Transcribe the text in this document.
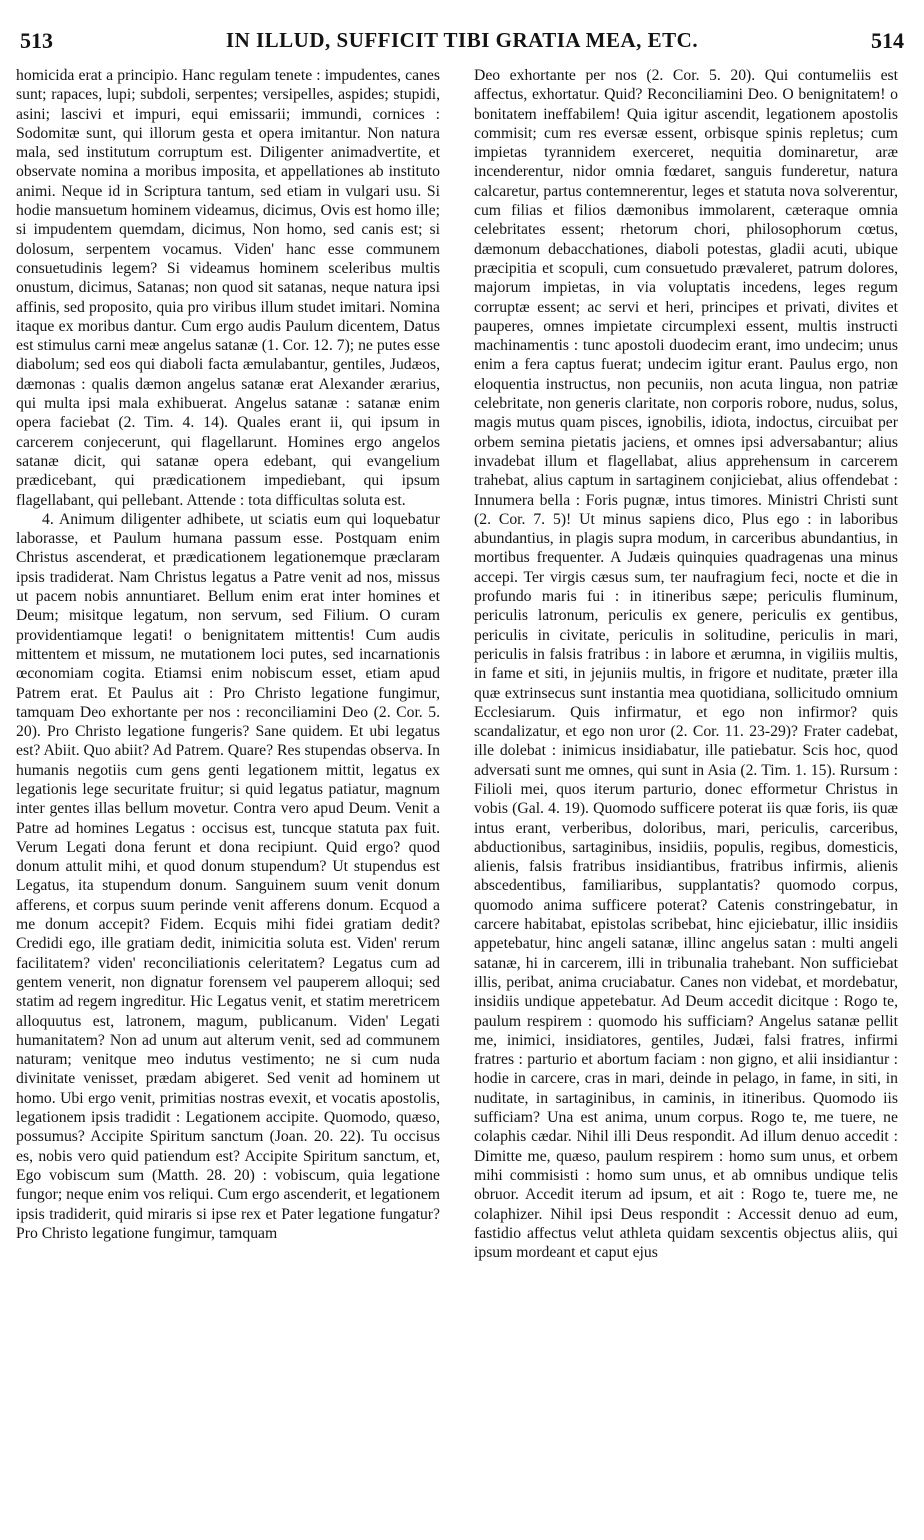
513	IN ILLUD, SUFFICIT TIBI GRATIA MEA, ETC.	514

homicida erat a principio. Hanc regulam tenete : impudentes, canes sunt; rapaces, lupi; subdoli, serpentes; versipelles, aspides; stupidi, asini; lascivi et impuri, equi emissarii; immundi, cornices : Sodomitæ sunt, qui illorum gesta et opera imitantur. Non natura mala, sed institutum corruptum est. Diligenter animadvertite, et observate nomina a moribus imposita, et appellationes ab instituto animi. Neque id in Scriptura tantum, sed etiam in vulgari usu. Si hodie mansuetum hominem videamus, dicimus, Ovis est homo ille; si impudentem quemdam, dicimus, Non homo, sed canis est; si dolosum, serpentem vocamus. Viden' hanc esse communem consuetudinis legem? Si videamus hominem sceleribus multis onustum, dicimus, Satanas; non quod sit satanas, neque natura ipsi affinis, sed proposito, quia pro viribus illum studet imitari. Nomina itaque ex moribus dantur. Cum ergo audis Paulum dicentem, Datus est stimulus carni meæ angelus satanæ (1. Cor. 12. 7); ne putes esse diabolum; sed eos qui diaboli facta æmulabantur, gentiles, Judæos, dæmonas : qualis dæmon angelus satanæ erat Alexander ærarius, qui multa ipsi mala exhibuerat. Angelus satanæ : satanæ enim opera faciebat (2. Tim. 4. 14). Quales erant ii, qui ipsum in carcerem conjecerunt, qui flagellarunt. Homines ergo angelos satanæ dicit, qui satanæ opera edebant, qui evangelium prædicebant, qui prædicationem impediebant, qui ipsum flagellabant, qui pellebant. Attende : tota difficultas soluta est.

4. Animum diligenter adhibete, ut sciatis eum qui loquebatur laborasse, et Paulum humana passum esse. Postquam enim Christus ascenderat, et prædicationem legationemque præclaram ipsis tradiderat. Nam Christus legatus a Patre venit ad nos, missus ut pacem nobis annuntiaret. Bellum enim erat inter homines et Deum; misitque legatum, non servum, sed Filium. O curam providentiamque legati! o benignitatem mittentis! Cum audis mittentem et missum, ne mutationem loci putes, sed incarnationis œconomiam cogita. Etiamsi enim nobiscum esset, etiam apud Patrem erat. Et Paulus ait : Pro Christo legatione fungimur, tamquam Deo exhortante per nos : reconciliamini Deo (2. Cor. 5. 20). Pro Christo legatione fungeris? Sane quidem. Et ubi legatus est? Abiit. Quo abiit? Ad Patrem. Quare? Res stupendas observa. In humanis negotiis cum gens genti legationem mittit, legatus ex legationis lege securitate fruitur; si quid legatus patiatur, magnum inter gentes illas bellum movetur. Contra vero apud Deum. Venit a Patre ad homines Legatus : occisus est, tuncque statuta pax fuit. Verum Legati dona ferunt et dona recipiunt. Quid ergo? quod donum attulit mihi, et quod donum stupendum? Ut stupendus est Legatus, ita stupendum donum. Sanguinem suum venit donum afferens, et corpus suum perinde venit afferens donum. Ecquod a me donum accepit? Fidem. Ecquis mihi fidei gratiam dedit? Credidi ego, ille gratiam dedit, inimicitia soluta est. Viden' rerum facilitatem? viden' reconciliationis celeritatem? Legatus cum ad gentem venerit, non dignatur forensem vel pauperem alloqui; sed statim ad regem ingreditur. Hic Legatus venit, et statim meretricem alloquutus est, latronem, magum, publicanum. Viden' Legati humanitatem? Non ad unum aut alterum venit, sed ad communem naturam; venitque meo indutus vestimento; ne si cum nuda divinitate venisset, prædam abigeret. Sed venit ad hominem ut homo. Ubi ergo venit, primitias nostras evexit, et vocatis apostolis, legationem ipsis tradidit : Legationem accipite. Quomodo, quæso, possumus? Accipite Spiritum sanctum (Joan. 20. 22). Tu occisus es, nobis vero quid patiendum est? Accipite Spiritum sanctum, et, Ego vobiscum sum (Matth. 28. 20) : vobiscum, quia legatione fungor; neque enim vos reliqui. Cum ergo ascenderit, et legationem ipsis tradiderit, quid miraris si ipse rex et Pater legatione fungatur? Pro Christo legatione fungimur, tamquam

Deo exhortante per nos (2. Cor. 5. 20). Qui contumeliis est affectus, exhortatur. Quid? Reconciliamini Deo. O benignitatem! o bonitatem ineffabilem! Quia igitur ascendit, legationem apostolis commisit; cum res eversæ essent, orbisque spinis repletus; cum impietas tyrannidem exerceret, nequitia dominaretur, aræ incenderentur, nidor omnia fœdaret, sanguis funderetur, natura calcaretur, partus contemnerentur, leges et statuta nova solverentur, cum filias et filios dæmonibus immolarent, cæteraque omnia celebritates essent; rhetorum chori, philosophorum cœtus, dæmonum debacchationes, diaboli potestas, gladii acuti, ubique præcipitia et scopuli, cum consuetudo prævaleret, patrum dolores, majorum impietas, in via voluptatis incedens, leges regum corruptæ essent; ac servi et heri, principes et privati, divites et pauperes, omnes impietate circumplexi essent, multis instructi machinamentis : tunc apostoli duodecim erant, imo undecim; unus enim a fera captus fuerat; undecim igitur erant. Paulus ergo, non eloquentia instructus, non pecuniis, non acuta lingua, non patriæ celebritate, non generis claritate, non corporis robore, nudus, solus, magis mutus quam pisces, ignobilis, idiota, indoctus, circuibat per orbem semina pietatis jaciens, et omnes ipsi adversabantur; alius invadebat illum et flagellabat, alius apprehensum in carcerem trahebat, alius captum in sartaginem conjiciebat, alius offendebat : Innumera bella : Foris pugnæ, intus timores. Ministri Christi sunt (2. Cor. 7. 5)! Ut minus sapiens dico, Plus ego : in laboribus abundantius, in plagis supra modum, in carceribus abundantius, in mortibus frequenter. A Judæis quinquies quadragenas una minus accepi. Ter virgis cæsus sum, ter naufragium feci, nocte et die in profundo maris fui : in itineribus sæpe; periculis fluminum, periculis latronum, periculis ex genere, periculis ex gentibus, periculis in civitate, periculis in solitudine, periculis in mari, periculis in falsis fratribus : in labore et ærumna, in vigiliis multis, in fame et siti, in jejuniis multis, in frigore et nuditate, præter illa quæ extrinsecus sunt instantia mea quotidiana, sollicitudo omnium Ecclesiarum. Quis infirmatur, et ego non infirmor? quis scandalizatur, et ego non uror (2. Cor. 11. 23-29)? Frater cadebat, ille dolebat : inimicus insidiabatur, ille patiebatur. Scis hoc, quod adversati sunt me omnes, qui sunt in Asia (2. Tim. 1. 15). Rursum : Filioli mei, quos iterum parturio, donec efformetur Christus in vobis (Gal. 4. 19). Quomodo sufficere poterat iis quæ foris, iis quæ intus erant, verberibus, doloribus, mari, periculis, carceribus, abductionibus, sartaginibus, insidiis, populis, regibus, domesticis, alienis, falsis fratribus insidiantibus, fratribus infirmis, alienis abscedentibus, familiaribus, supplantatis? quomodo corpus, quomodo anima sufficere poterat? Catenis constringebatur, in carcere habitabat, epistolas scribebat, hinc ejiciebatur, illic insidiis appetebatur, hinc angeli satanæ, illinc angelus satan : multi angeli satanæ, hi in carcerem, illi in tribunalia trahebant. Non sufficiebat illis, peribat, anima cruciabatur. Canes non videbat, et mordebatur, insidiis undique appetebatur. Ad Deum accedit dicitque : Rogo te, paulum respirem : quomodo his sufficiam? Angelus satanæ pellit me, inimici, insidiatores, gentiles, Judæi, falsi fratres, infirmi fratres : parturio et abortum faciam : non gigno, et alii insidiantur : hodie in carcere, cras in mari, deinde in pelago, in fame, in siti, in nuditate, in sartaginibus, in caminis, in itineribus. Quomodo iis sufficiam? Una est anima, unum corpus. Rogo te, me tuere, ne colaphis cædar. Nihil illi Deus respondit. Ad illum denuo accedit : Dimitte me, quæso, paulum respirem : homo sum unus, et orbem mihi commisisti : homo sum unus, et ab omnibus undique telis obruor. Accedit iterum ad ipsum, et ait : Rogo te, tuere me, ne colaphizer. Nihil ipsi Deus respondit : Accessit denuo ad eum, fastidio affectus velut athleta quidam sexcentis objectus aliis, qui ipsum mordeant et caput ejus
